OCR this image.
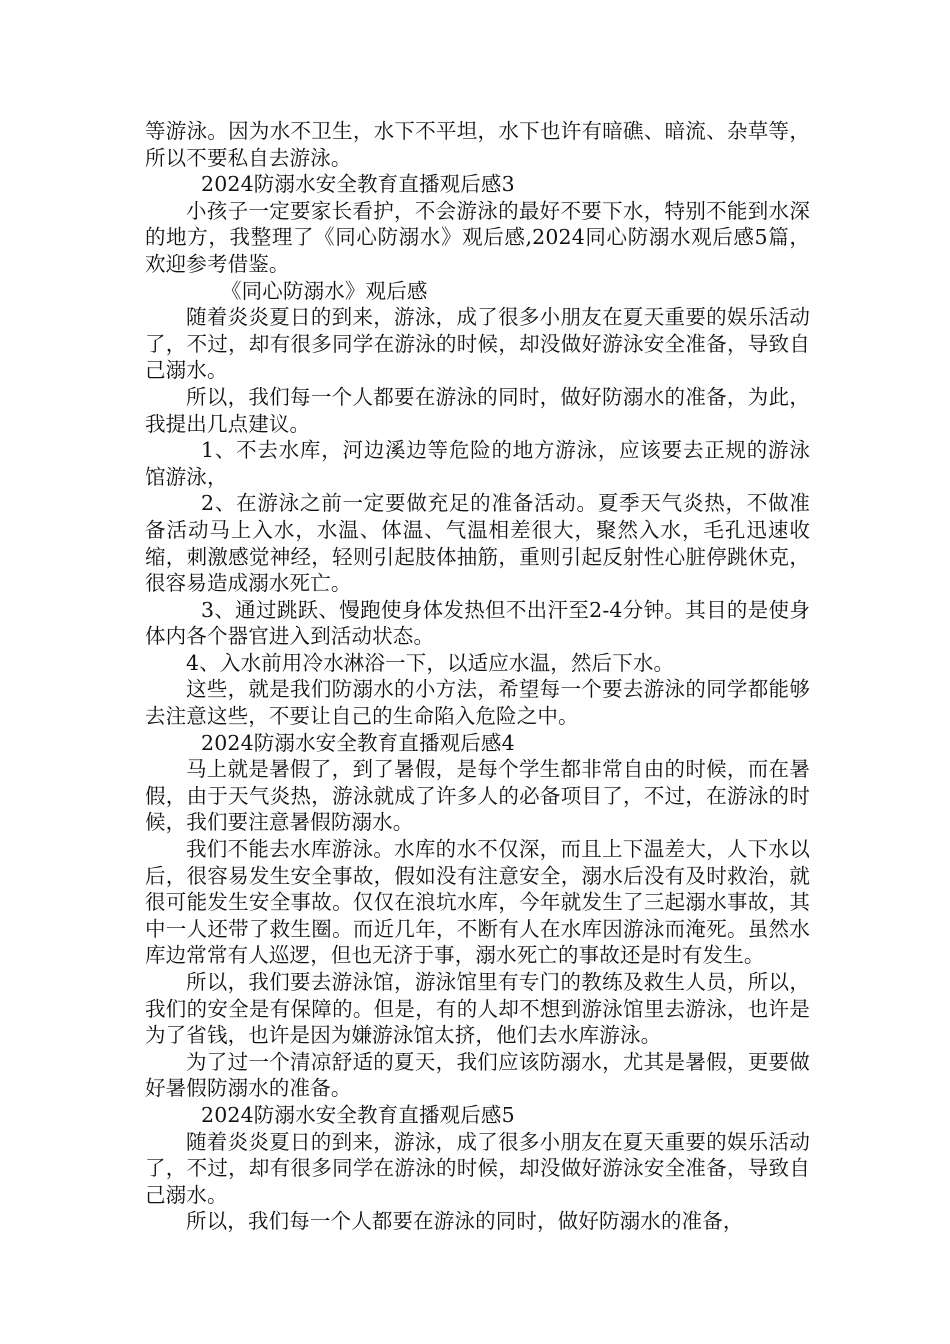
等游泳。因为水不卫生，水下不平坦，水下也许有暗礁、暗流、杂草等，所以不要私自去游泳。

2024防溺水安全教育直播观后感3

小孩子一定要家长看护，不会游泳的最好不要下水，特别不能到水深的地方，我整理了《同心防溺水》观后感,2024同心防溺水观后感5篇，欢迎参考借鉴。

《同心防溺水》观后感

随着炎炎夏日的到来，游泳，成了很多小朋友在夏天重要的娱乐活动了，不过，却有很多同学在游泳的时候，却没做好游泳安全准备，导致自己溺水。

所以，我们每一个人都要在游泳的同时，做好防溺水的准备，为此，我提出几点建议。

1、不去水库，河边溪边等危险的地方游泳，应该要去正规的游泳馆游泳，

2、在游泳之前一定要做充足的准备活动。夏季天气炎热，不做准备活动马上入水，水温、体温、气温相差很大，聚然入水，毛孔迅速收缩，刺激感觉神经，轻则引起肢体抽筋，重则引起反射性心脏停跳休克，很容易造成溺水死亡。

3、通过跳跃、慢跑使身体发热但不出汗至2-4分钟。其目的是使身体内各个器官进入到活动状态。

4、入水前用冷水淋浴一下，以适应水温，然后下水。

这些，就是我们防溺水的小方法，希望每一个要去游泳的同学都能够去注意这些，不要让自己的生命陷入危险之中。

2024防溺水安全教育直播观后感4

马上就是暑假了，到了暑假，是每个学生都非常自由的时候，而在暑假，由于天气炎热，游泳就成了许多人的必备项目了，不过，在游泳的时候，我们要注意暑假防溺水。

我们不能去水库游泳。水库的水不仅深，而且上下温差大，人下水以后，很容易发生安全事故，假如没有注意安全，溺水后没有及时救治，就很可能发生安全事故。仅仅在浪坑水库，今年就发生了三起溺水事故，其中一人还带了救生圈。而近几年，不断有人在水库因游泳而淹死。虽然水库边常常有人巡逻，但也无济于事，溺水死亡的事故还是时有发生。

所以，我们要去游泳馆，游泳馆里有专门的教练及救生人员，所以，我们的安全是有保障的。但是，有的人却不想到游泳馆里去游泳，也许是为了省钱，也许是因为嫌游泳馆太挤，他们去水库游泳。

为了过一个清凉舒适的夏天，我们应该防溺水，尤其是暑假，更要做好暑假防溺水的准备。

2024防溺水安全教育直播观后感5

随着炎炎夏日的到来，游泳，成了很多小朋友在夏天重要的娱乐活动了，不过，却有很多同学在游泳的时候，却没做好游泳安全准备，导致自己溺水。

所以，我们每一个人都要在游泳的同时，做好防溺水的准备，
